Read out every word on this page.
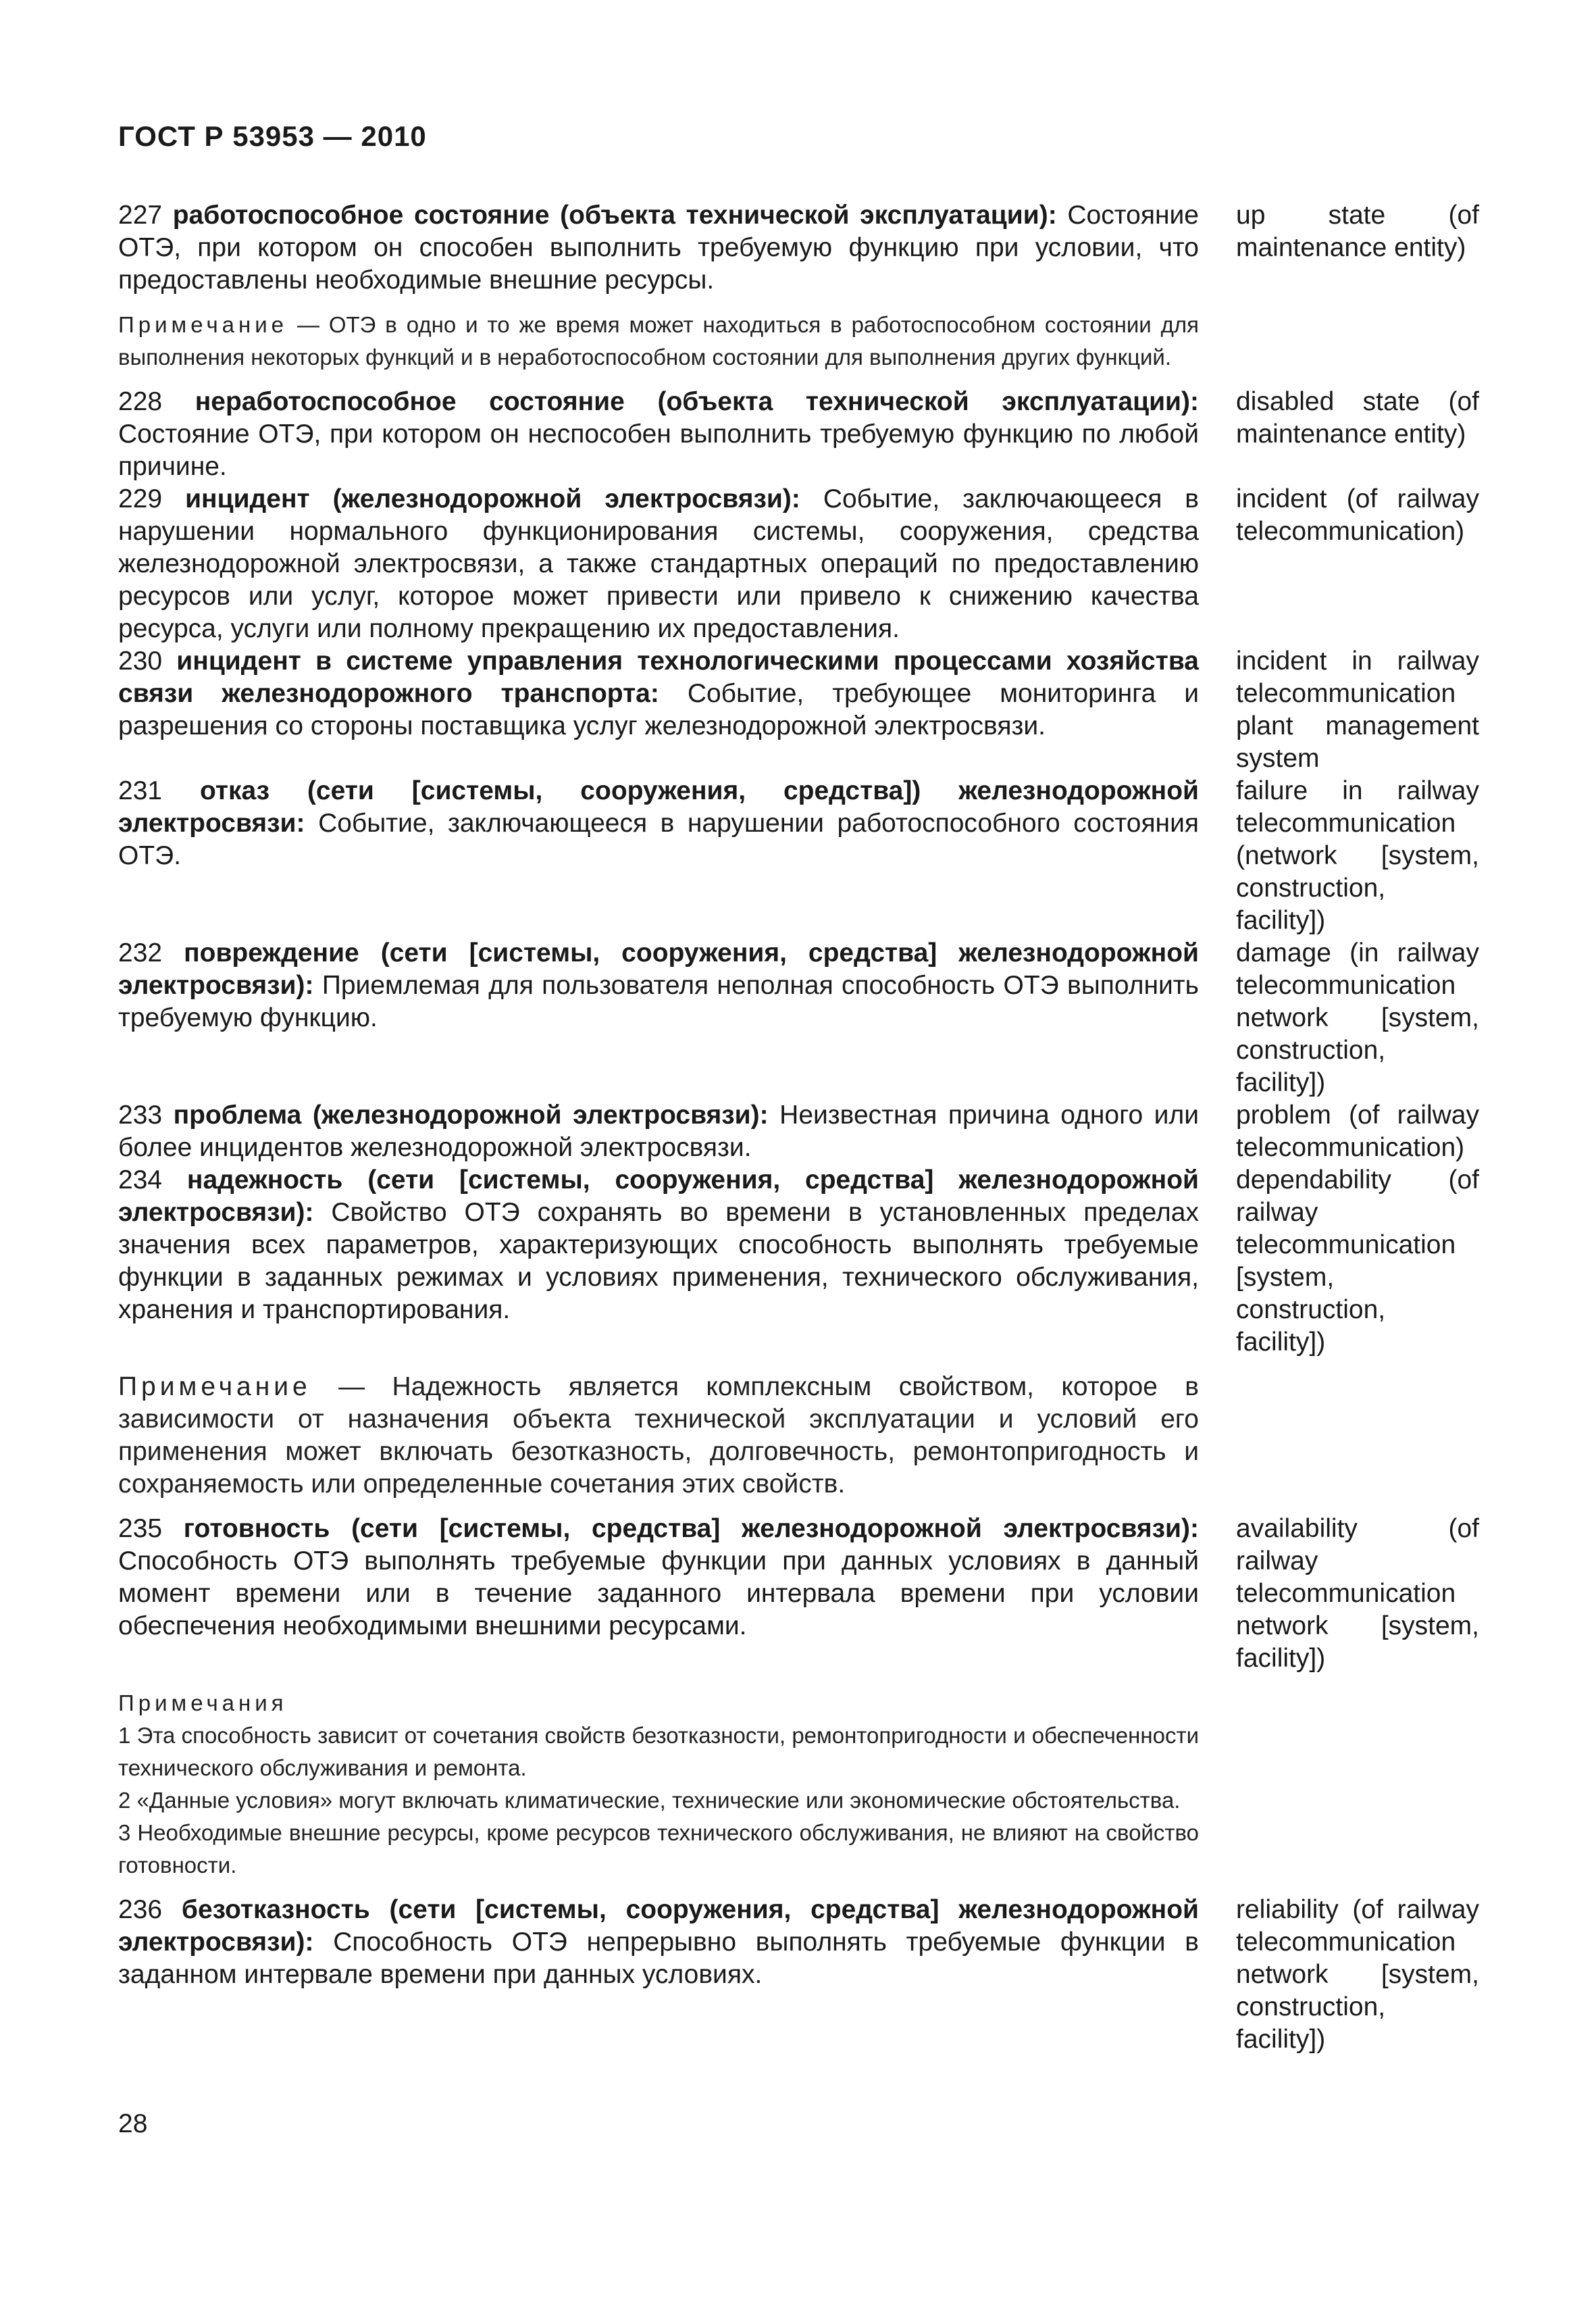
ГОСТ Р 53953 — 2010
227 работоспособное состояние (объекта технической эксплуатации): Состояние ОТЭ, при котором он способен выполнить требуемую функцию при условии, что предоставлены необходимые внешние ресурсы.
up state (of maintenance entity)
Примечание — ОТЭ в одно и то же время может находиться в работоспособном состоянии для выполнения некоторых функций и в неработоспособном состоянии для выполнения других функций.
228 неработоспособное состояние (объекта технической эксплуатации): Состояние ОТЭ, при котором он неспособен выполнить требуемую функцию по любой причине.
disabled state (of maintenance entity)
229 инцидент (железнодорожной электросвязи): Событие, заключающееся в нарушении нормального функционирования системы, сооружения, средства железнодорожной электросвязи, а также стандартных операций по предоставлению ресурсов или услуг, которое может привести или привело к снижению качества ресурса, услуги или полному прекращению их предоставления.
incident (of railway telecommunication)
230 инцидент в системе управления технологическими процессами хозяйства связи железнодорожного транспорта: Событие, требующее мониторинга и разрешения со стороны поставщика услуг железнодорожной электросвязи.
incident in railway telecommunication plant management system
231 отказ (сети [системы, сооружения, средства]) железнодорожной электросвязи: Событие, заключающееся в нарушении работоспособного состояния ОТЭ.
failure in railway telecommunication (network [system, construction, facility])
232 повреждение (сети [системы, сооружения, средства] железнодорожной электросвязи): Приемлемая для пользователя неполная способность ОТЭ выполнить требуемую функцию.
damage (in railway telecommunication network [system, construction, facility])
233 проблема (железнодорожной электросвязи): Неизвестная причина одного или более инцидентов железнодорожной электросвязи.
problem (of railway telecommunication)
234 надежность (сети [системы, сооружения, средства] железнодорожной электросвязи): Свойство ОТЭ сохранять во времени в установленных пределах значения всех параметров, характеризующих способность выполнять требуемые функции в заданных режимах и условиях применения, технического обслуживания, хранения и транспортирования.
dependability (of railway telecommunication [system, construction, facility])
Примечание — Надежность является комплексным свойством, которое в зависимости от назначения объекта технической эксплуатации и условий его применения может включать безотказность, долговечность, ремонтопригодность и сохраняемость или определенные сочетания этих свойств.
235 готовность (сети [системы, средства] железнодорожной электросвязи): Способность ОТЭ выполнять требуемые функции при данных условиях в данный момент времени или в течение заданного интервала времени при условии обеспечения необходимыми внешними ресурсами.
availability (of railway telecommunication network [system, facility])
Примечания
1 Эта способность зависит от сочетания свойств безотказности, ремонтопригодности и обеспеченности технического обслуживания и ремонта.
2 «Данные условия» могут включать климатические, технические или экономические обстоятельства.
3 Необходимые внешние ресурсы, кроме ресурсов технического обслуживания, не влияют на свойство готовности.
236 безотказность (сети [системы, сооружения, средства] железнодорожной электросвязи): Способность ОТЭ непрерывно выполнять требуемые функции в заданном интервале времени при данных условиях.
reliability (of railway telecommunication network [system, construction, facility])
28
